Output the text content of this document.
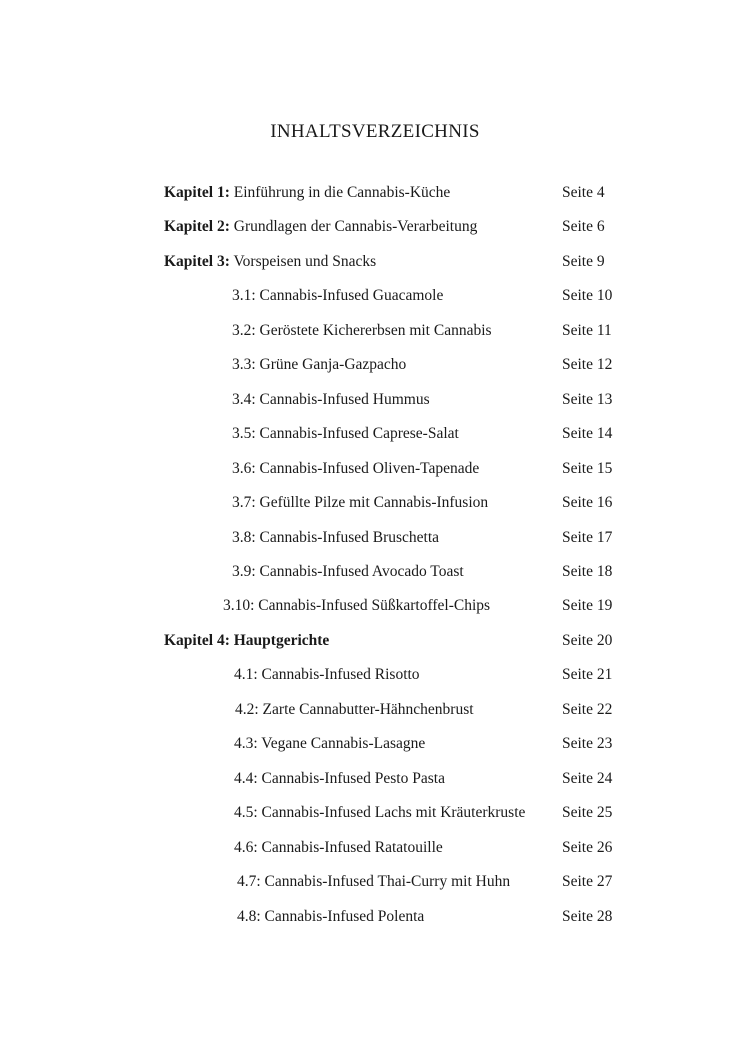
INHALTSVERZEICHNIS
Kapitel 1: Einführung in die Cannabis-Küche	Seite 4
Kapitel 2: Grundlagen der Cannabis-Verarbeitung	Seite 6
Kapitel 3: Vorspeisen und Snacks	Seite 9
3.1: Cannabis-Infused Guacamole	Seite 10
3.2: Geröstete Kichererbsen mit Cannabis	Seite 11
3.3: Grüne Ganja-Gazpacho	Seite 12
3.4: Cannabis-Infused Hummus	Seite 13
3.5: Cannabis-Infused Caprese-Salat	Seite 14
3.6: Cannabis-Infused Oliven-Tapenade	Seite 15
3.7: Gefüllte Pilze mit Cannabis-Infusion	Seite 16
3.8: Cannabis-Infused Bruschetta	Seite 17
3.9: Cannabis-Infused Avocado Toast	Seite 18
3.10: Cannabis-Infused Süßkartoffel-Chips	Seite 19
Kapitel 4: Hauptgerichte	Seite 20
4.1: Cannabis-Infused Risotto	Seite 21
4.2: Zarte Cannabutter-Hähnchenbrust	Seite 22
4.3: Vegane Cannabis-Lasagne	Seite 23
4.4: Cannabis-Infused Pesto Pasta	Seite 24
4.5: Cannabis-Infused Lachs mit Kräuterkruste Seite 25
4.6: Cannabis-Infused Ratatouille	Seite 26
4.7: Cannabis-Infused Thai-Curry mit Huhn	Seite 27
4.8: Cannabis-Infused Polenta	Seite 28
